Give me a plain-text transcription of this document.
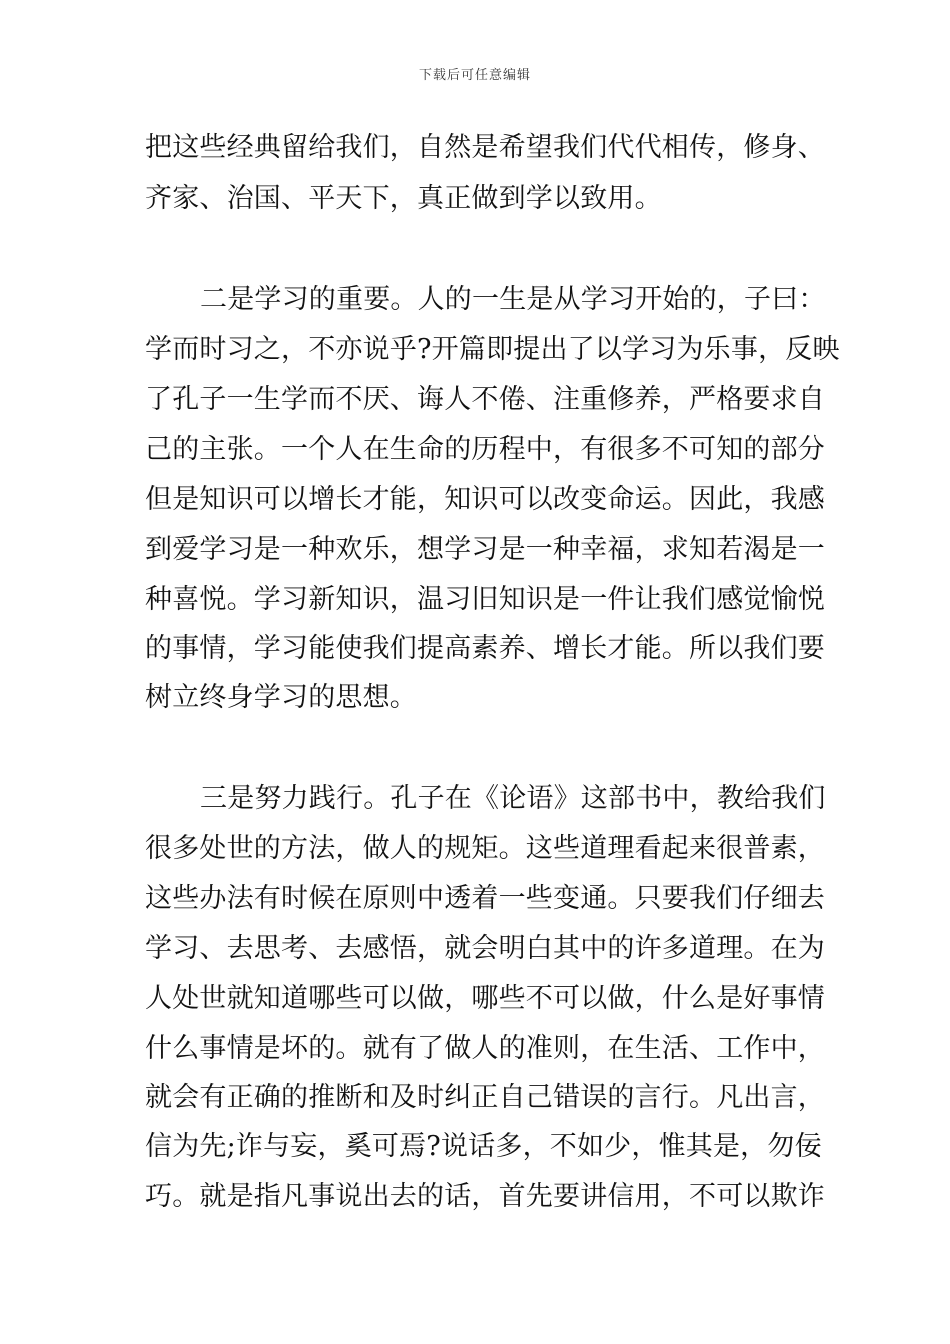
下载后可任意编辑
把这些经典留给我们，自然是希望我们代代相传，修身、
齐家、治国、平天下，真正做到学以致用。
二是学习的重要。人的一生是从学习开始的，子曰：
学而时习之，不亦说乎?开篇即提出了以学习为乐事，反映
了孔子一生学而不厌、诲人不倦、注重修养，严格要求自
己的主张。一个人在生命的历程中，有很多不可知的部分
但是知识可以增长才能，知识可以改变命运。因此，我感
到爱学习是一种欢乐，想学习是一种幸福，求知若渴是一
种喜悦。学习新知识，温习旧知识是一件让我们感觉愉悦
的事情，学习能使我们提高素养、增长才能。所以我们要
树立终身学习的思想。
三是努力践行。孔子在《论语》这部书中，教给我们
很多处世的方法，做人的规矩。这些道理看起来很普素，
这些办法有时候在原则中透着一些变通。只要我们仔细去
学习、去思考、去感悟，就会明白其中的许多道理。在为
人处世就知道哪些可以做，哪些不可以做，什么是好事情
什么事情是坏的。就有了做人的准则，在生活、工作中，
就会有正确的推断和及时纠正自己错误的言行。凡出言，
信为先;诈与妄，奚可焉?说话多，不如少，惟其是，勿佞
巧。就是指凡事说出去的话，首先要讲信用，不可以欺诈
